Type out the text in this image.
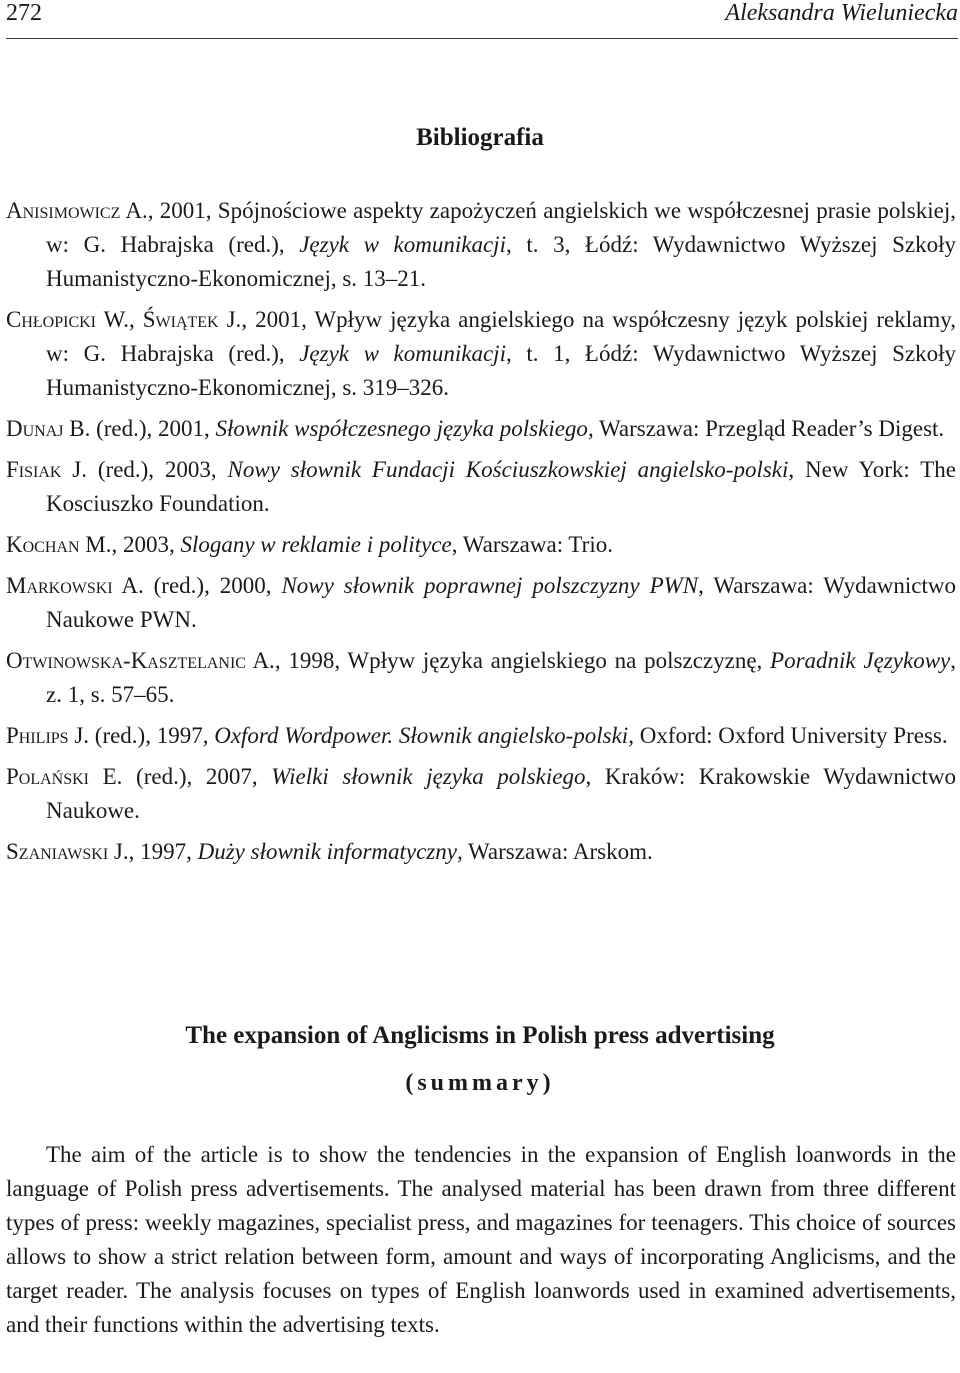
272	Aleksandra Wieluniecka
Bibliografia
Anisimowicz A., 2001, Spójnościowe aspekty zapożyczeń angielskich we współczesnej prasie polskiej, w: G. Habrajska (red.), Język w komunikacji, t. 3, Łódź: Wydawnictwo Wyższej Szkoły Humanistyczno-Ekonomicznej, s. 13–21.
Chłopicki W., Świątek J., 2001, Wpływ języka angielskiego na współczesny język polskiej reklamy, w: G. Habrajska (red.), Język w komunikacji, t. 1, Łódź: Wydawnictwo Wyższej Szkoły Humanistyczno-Ekonomicznej, s. 319–326.
Dunaj B. (red.), 2001, Słownik współczesnego języka polskiego, Warszawa: Przegląd Reader’s Digest.
Fisiak J. (red.), 2003, Nowy słownik Fundacji Kościuszkowskiej angielsko-polski, New York: The Kosciuszko Foundation.
Kochan M., 2003, Slogany w reklamie i polityce, Warszawa: Trio.
Markowski A. (red.), 2000, Nowy słownik poprawnej polszczyzny PWN, Warszawa: Wydawnictwo Naukowe PWN.
Otwinowska-Kasztelanic A., 1998, Wpływ języka angielskiego na polszczyznę, Poradnik Językowy, z. 1, s. 57–65.
Philips J. (red.), 1997, Oxford Wordpower. Słownik angielsko-polski, Oxford: Oxford University Press.
Polański E. (red.), 2007, Wielki słownik języka polskiego, Kraków: Krakowskie Wydawnictwo Naukowe.
Szaniawski J., 1997, Duży słownik informatyczny, Warszawa: Arskom.
The expansion of Anglicisms in Polish press advertising
(summary)

The aim of the article is to show the tendencies in the expansion of English loanwords in the language of Polish press advertisements. The analysed material has been drawn from three different types of press: weekly magazines, specialist press, and magazines for teenagers. This choice of sources allows to show a strict relation between form, amount and ways of incorporating Anglicisms, and the target reader. The analysis focuses on types of English loanwords used in examined advertisements, and their functions within the advertising texts.
